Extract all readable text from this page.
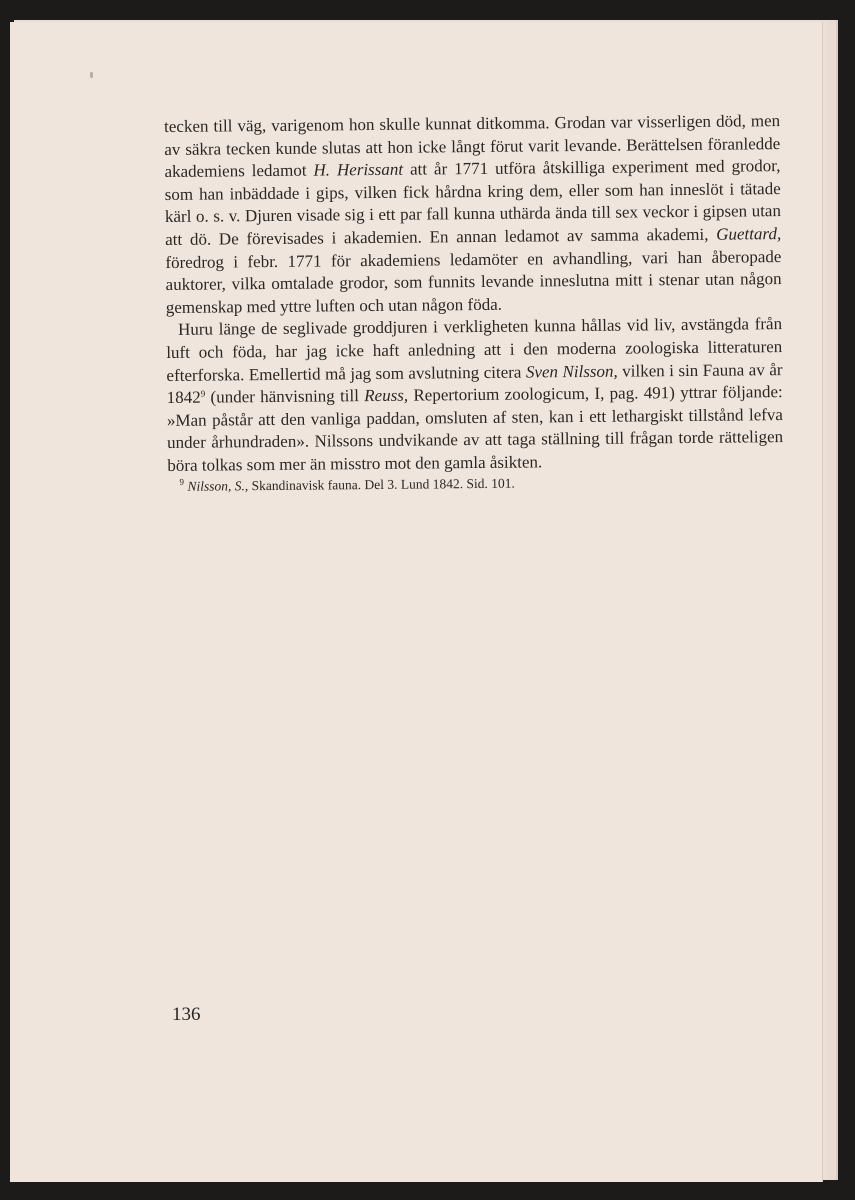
tecken till väg, varigenom hon skulle kunnat ditkomma. Grodan var visserligen död, men av säkra tecken kunde slutas att hon icke långt förut varit levande. Berättelsen föranledde akademiens ledamot H. Herissant att år 1771 utföra åtskilliga experiment med grodor, som han inbäddade i gips, vilken fick hårdna kring dem, eller som han inneslöt i tätade kärl o. s. v. Djuren visade sig i ett par fall kunna uthärda ända till sex veckor i gipsen utan att dö. De förevisades i akademien. En annan ledamot av samma akademi, Guettard, föredrog i febr. 1771 för akademiens ledamöter en avhandling, vari han åberopade auktorer, vilka omtalade grodor, som funnits levande inneslutna mitt i stenar utan någon gemenskap med yttre luften och utan någon föda.

Huru länge de seglivade groddjuren i verkligheten kunna hållas vid liv, avstängda från luft och föda, har jag icke haft anledning att i den moderna zoologiska litteraturen efterforska. Emellertid må jag som avslutning citera Sven Nilsson, vilken i sin Fauna av år 1842$^9$ (under hänvisning till Reuss, Repertorium zoologicum, I, pag. 491) yttrar följande: »Man påstår att den vanliga paddan, omsluten af sten, kan i ett lethargiskt tillstånd lefva under århundraden». Nilssons undvikande av att taga ställning till frågan torde rätteligen böra tolkas som mer än misstro mot den gamla åsikten.

$^9$ Nilsson, S., Skandinavisk fauna. Del 3. Lund 1842. Sid. 101.

136
